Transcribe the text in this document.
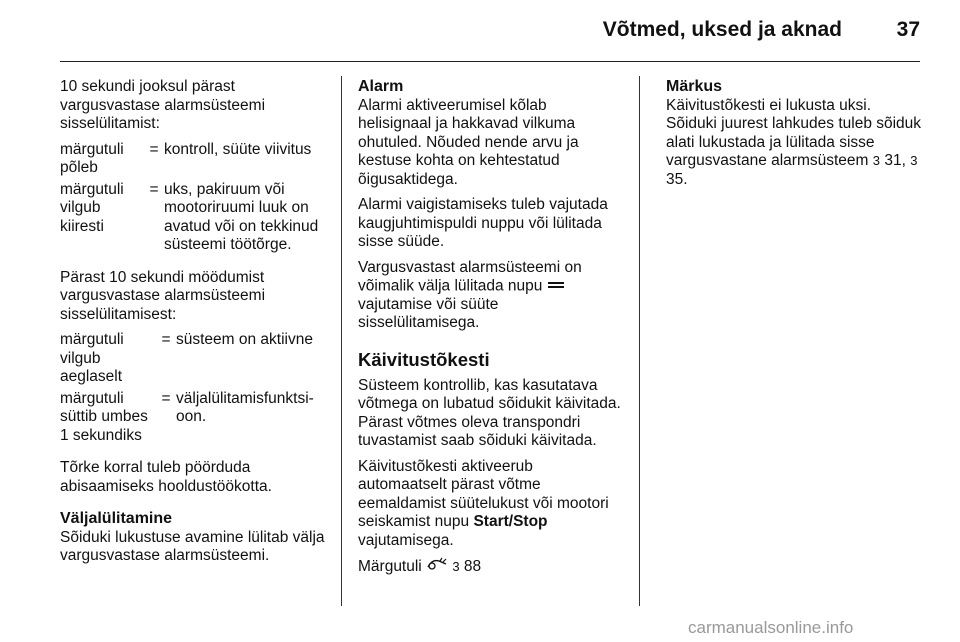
Võtmed, uksed ja aknad	37

10 sekundi jooksul pärast vargusvastase alarmsüsteemi sisselülitamist:

märgutuli põleb
= kontroll, süüte viivitus
märgutuli vilgub kiiresti
= uks, pakiruum või mootoriruumi luuk on avatud või on tekkinud süsteemi töötõrge.

Pärast 10 sekundi möödumist vargusvastase alarmsüsteemi sisselülitamisest:

märgutuli vilgub aeglaselt
= süsteem on aktiivne
märgutuli süttib umbes 1 sekundiks
= väljalülitamisfunktsioon.

Tõrke korral tuleb pöörduda abisaamiseks hooldustöökotta.

Väljalülitamine

Sõiduki lukustuse avamine lülitab välja vargusvastase alarmsüsteemi.

Alarm

Alarmi aktiveerumisel kõlab helisignaal ja hakkavad vilkuma ohutuled. Nõuded nende arvu ja kestuse kohta on kehtestatud õigusaktidega.

Alarmi vaigistamiseks tuleb vajutada kaugjuhtimispuldi nuppu või lülitada sisse süüde.

Vargusvastast alarmsüsteemi on võimalik välja lülitada nupu  vajutamise või süüte sisselülitamisega.

Käivitustõkesti

Süsteem kontrollib, kas kasutatava võtmega on lubatud sõidukit käivitada. Pärast võtmes oleva transpondri tuvastamist saab sõiduki käivitada.

Käivitustõkesti aktiveerub automaatselt pärast võtme eemaldamist süütelukust või mootori seiskamist nupu Start/Stop vajutamisega.

Märgutuli 3 88

Märkus

Käivitustõkesti ei lukusta uksi. Sõiduki juurest lahkudes tuleb sõiduk alati lukustada ja lülitada sisse vargusvastane alarmsüsteem 3 31, 3 35.

carmanualsonline.info
